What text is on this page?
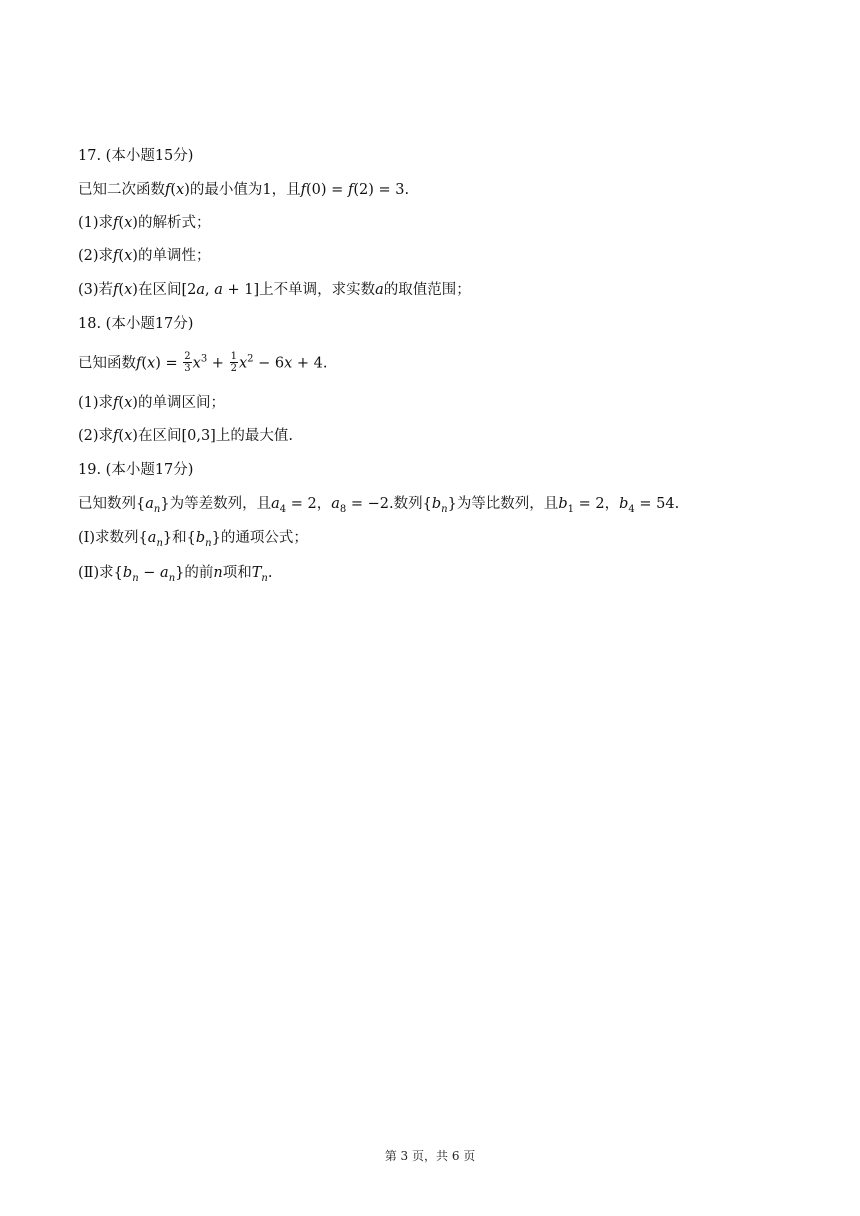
17. (本小题15分)
已知二次函数f(x)的最小值为1，且f(0) = f(2) = 3.
(1)求f(x)的解析式；
(2)求f(x)的单调性；
(3)若f(x)在区间[2a, a + 1]上不单调，求实数a的取值范围；
18. (本小题17分)
已知函数$f(x) = \frac{2}{3} x^3 + \frac{1}{2} x^2 - 6x + 4$.
(1)求f(x)的单调区间；
(2)求f(x)在区间[0,3]上的最大值.
19. (本小题17分)
已知数列$\{a_n\}$为等差数列，且$a_4 = 2$，$a_8 = -2$.数列$\{b_n\}$为等比数列，且$b_1 = 2$，$b_4 = 54$.
(Ⅰ)求数列$\{a_n\}$和$\{b_n\}$的通项公式；
(Ⅱ)求$\{b_n - a_n\}$的前n项和$T_n$.
第 3 页，共 6 页
